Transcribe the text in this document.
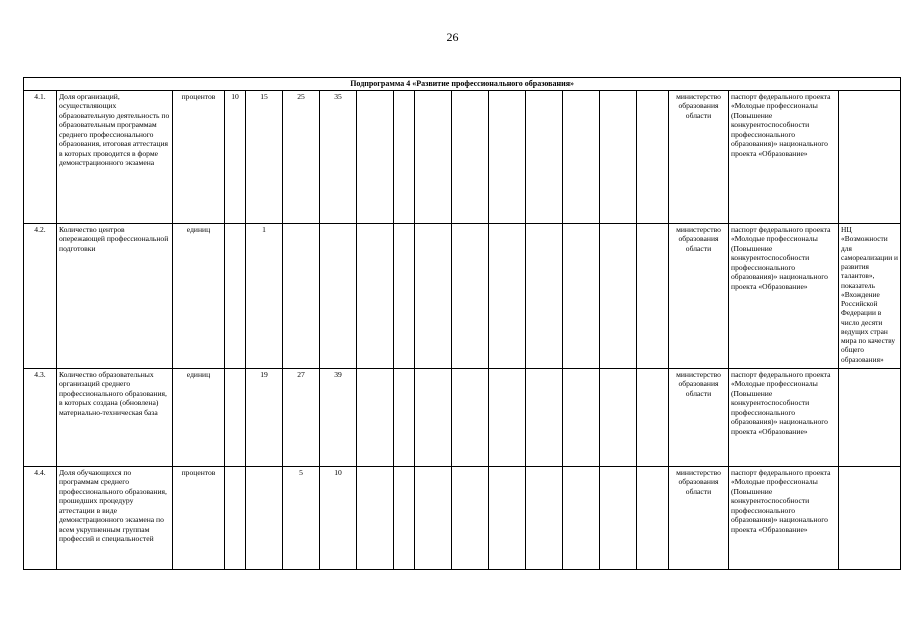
26
Подпрограмма 4 «Развитие профессионального образования»																		
4.1.	Доля организаций, осуществляющих образовательную деятельность по образовательным программам среднего профессионального образования, итоговая аттестация в которых проводится в форме демонстрационного экзамена	процентов	10	15	25	35										министерство образования области	паспорт федерального проекта «Молодые профессионалы (Повышение конкурентоспособности профессионального образования)» национального проекта «Образование»	
4.2.	Количество центров опережающей профессиональной подготовки	единиц		1												министерство образования области	паспорт федерального проекта «Молодые профессионалы (Повышение конкурентоспособности профессионального образования)» национального проекта «Образование»	НЦ «Возможности для самореализации и развития талантов», показатель «Вхождение Российской Федерации в число десяти ведущих стран мира по качеству общего образования»
4.3.	Количество образовательных организаций среднего профессионального образования, в которых создана (обновлена) материально-техническая база	единиц		19	27	39										министерство образования области	паспорт федерального проекта «Молодые профессионалы (Повышение конкурентоспособности профессионального образования)» национального проекта «Образование»	
4.4.	Доля обучающихся по программам среднего профессионального образования, прошедших процедуру аттестации в виде демонстрационного экзамена по всем укрупненным группам профессий и специальностей	процентов			5	10										министерство образования области	паспорт федерального проекта «Молодые профессионалы (Повышение конкурентоспособности профессионального образования)» национального проекта «Образование»	
